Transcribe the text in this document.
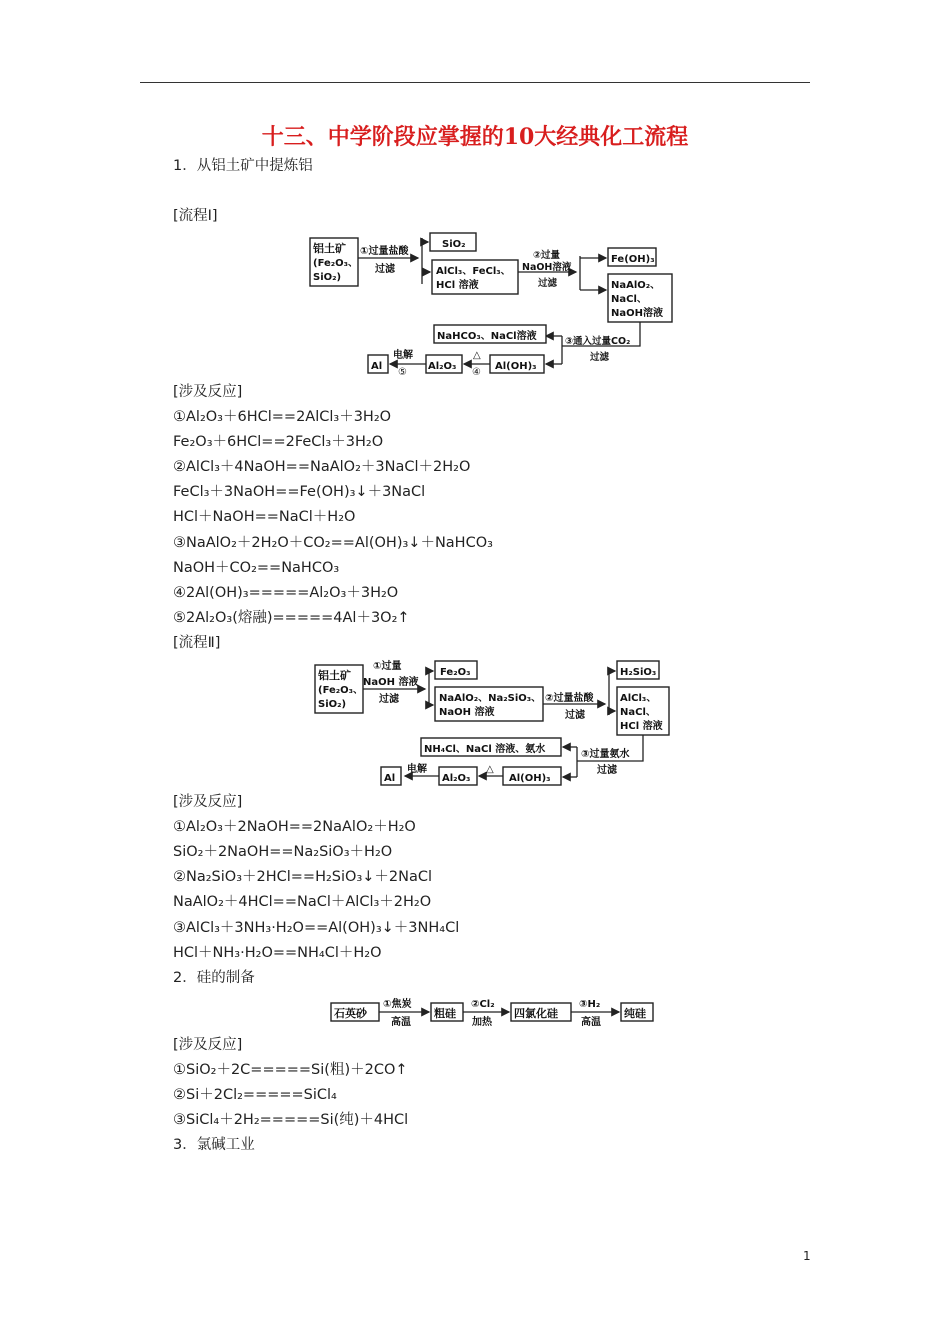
十三、中学阶段应掌握的10大经典化工流程
1．从铝土矿中提炼铝
[流程Ⅰ]
铝土矿
(Fe₂O₃、
SiO₂)
①过量盐酸
过滤
SiO₂
AlCl₃、FeCl₃、
HCl 溶液
②过量
NaOH溶液
过滤
Fe(OH)₃
NaAlO₂、
NaCl、
NaOH溶液
③通入过量CO₂
过滤
NaHCO₃、NaCl溶液
Al(OH)₃
△
④
Al₂O₃
电解
⑤
Al
[涉及反应]
①Al₂O₃＋6HCl==2AlCl₃＋3H₂O
Fe₂O₃＋6HCl==2FeCl₃＋3H₂O
②AlCl₃＋4NaOH==NaAlO₂＋3NaCl＋2H₂O
FeCl₃＋3NaOH==Fe(OH)₃↓＋3NaCl
HCl＋NaOH==NaCl＋H₂O
③NaAlO₂＋2H₂O＋CO₂==Al(OH)₃↓＋NaHCO₃
NaOH＋CO₂==NaHCO₃
④2Al(OH)₃=====Al₂O₃＋3H₂O
⑤2Al₂O₃(熔融)=====4Al＋3O₂↑
[流程Ⅱ]
铝土矿
(Fe₂O₃、
SiO₂)
①过量
NaOH 溶液
过滤
Fe₂O₃
NaAlO₂、Na₂SiO₃、
NaOH 溶液
②过量盐酸
过滤
H₂SiO₃
AlCl₃、
NaCl、
HCl 溶液
③过量氨水
过滤
NH₄Cl、NaCl 溶液、氨水
Al(OH)₃
△
Al₂O₃
电解
Al
[涉及反应]
①Al₂O₃＋2NaOH==2NaAlO₂＋H₂O
SiO₂＋2NaOH==Na₂SiO₃＋H₂O
②Na₂SiO₃＋2HCl==H₂SiO₃↓＋2NaCl
NaAlO₂＋4HCl==NaCl＋AlCl₃＋2H₂O
③AlCl₃＋3NH₃·H₂O==Al(OH)₃↓＋3NH₄Cl
HCl＋NH₃·H₂O==NH₄Cl＋H₂O
2．硅的制备
石英砂
①焦炭
高温
粗硅
②Cl₂
加热
四氯化硅
③H₂
高温
纯硅
[涉及反应]
①SiO₂＋2C=====Si(粗)＋2CO↑
②Si＋2Cl₂=====SiCl₄
③SiCl₄＋2H₂=====Si(纯)＋4HCl
3．氯碱工业
1
